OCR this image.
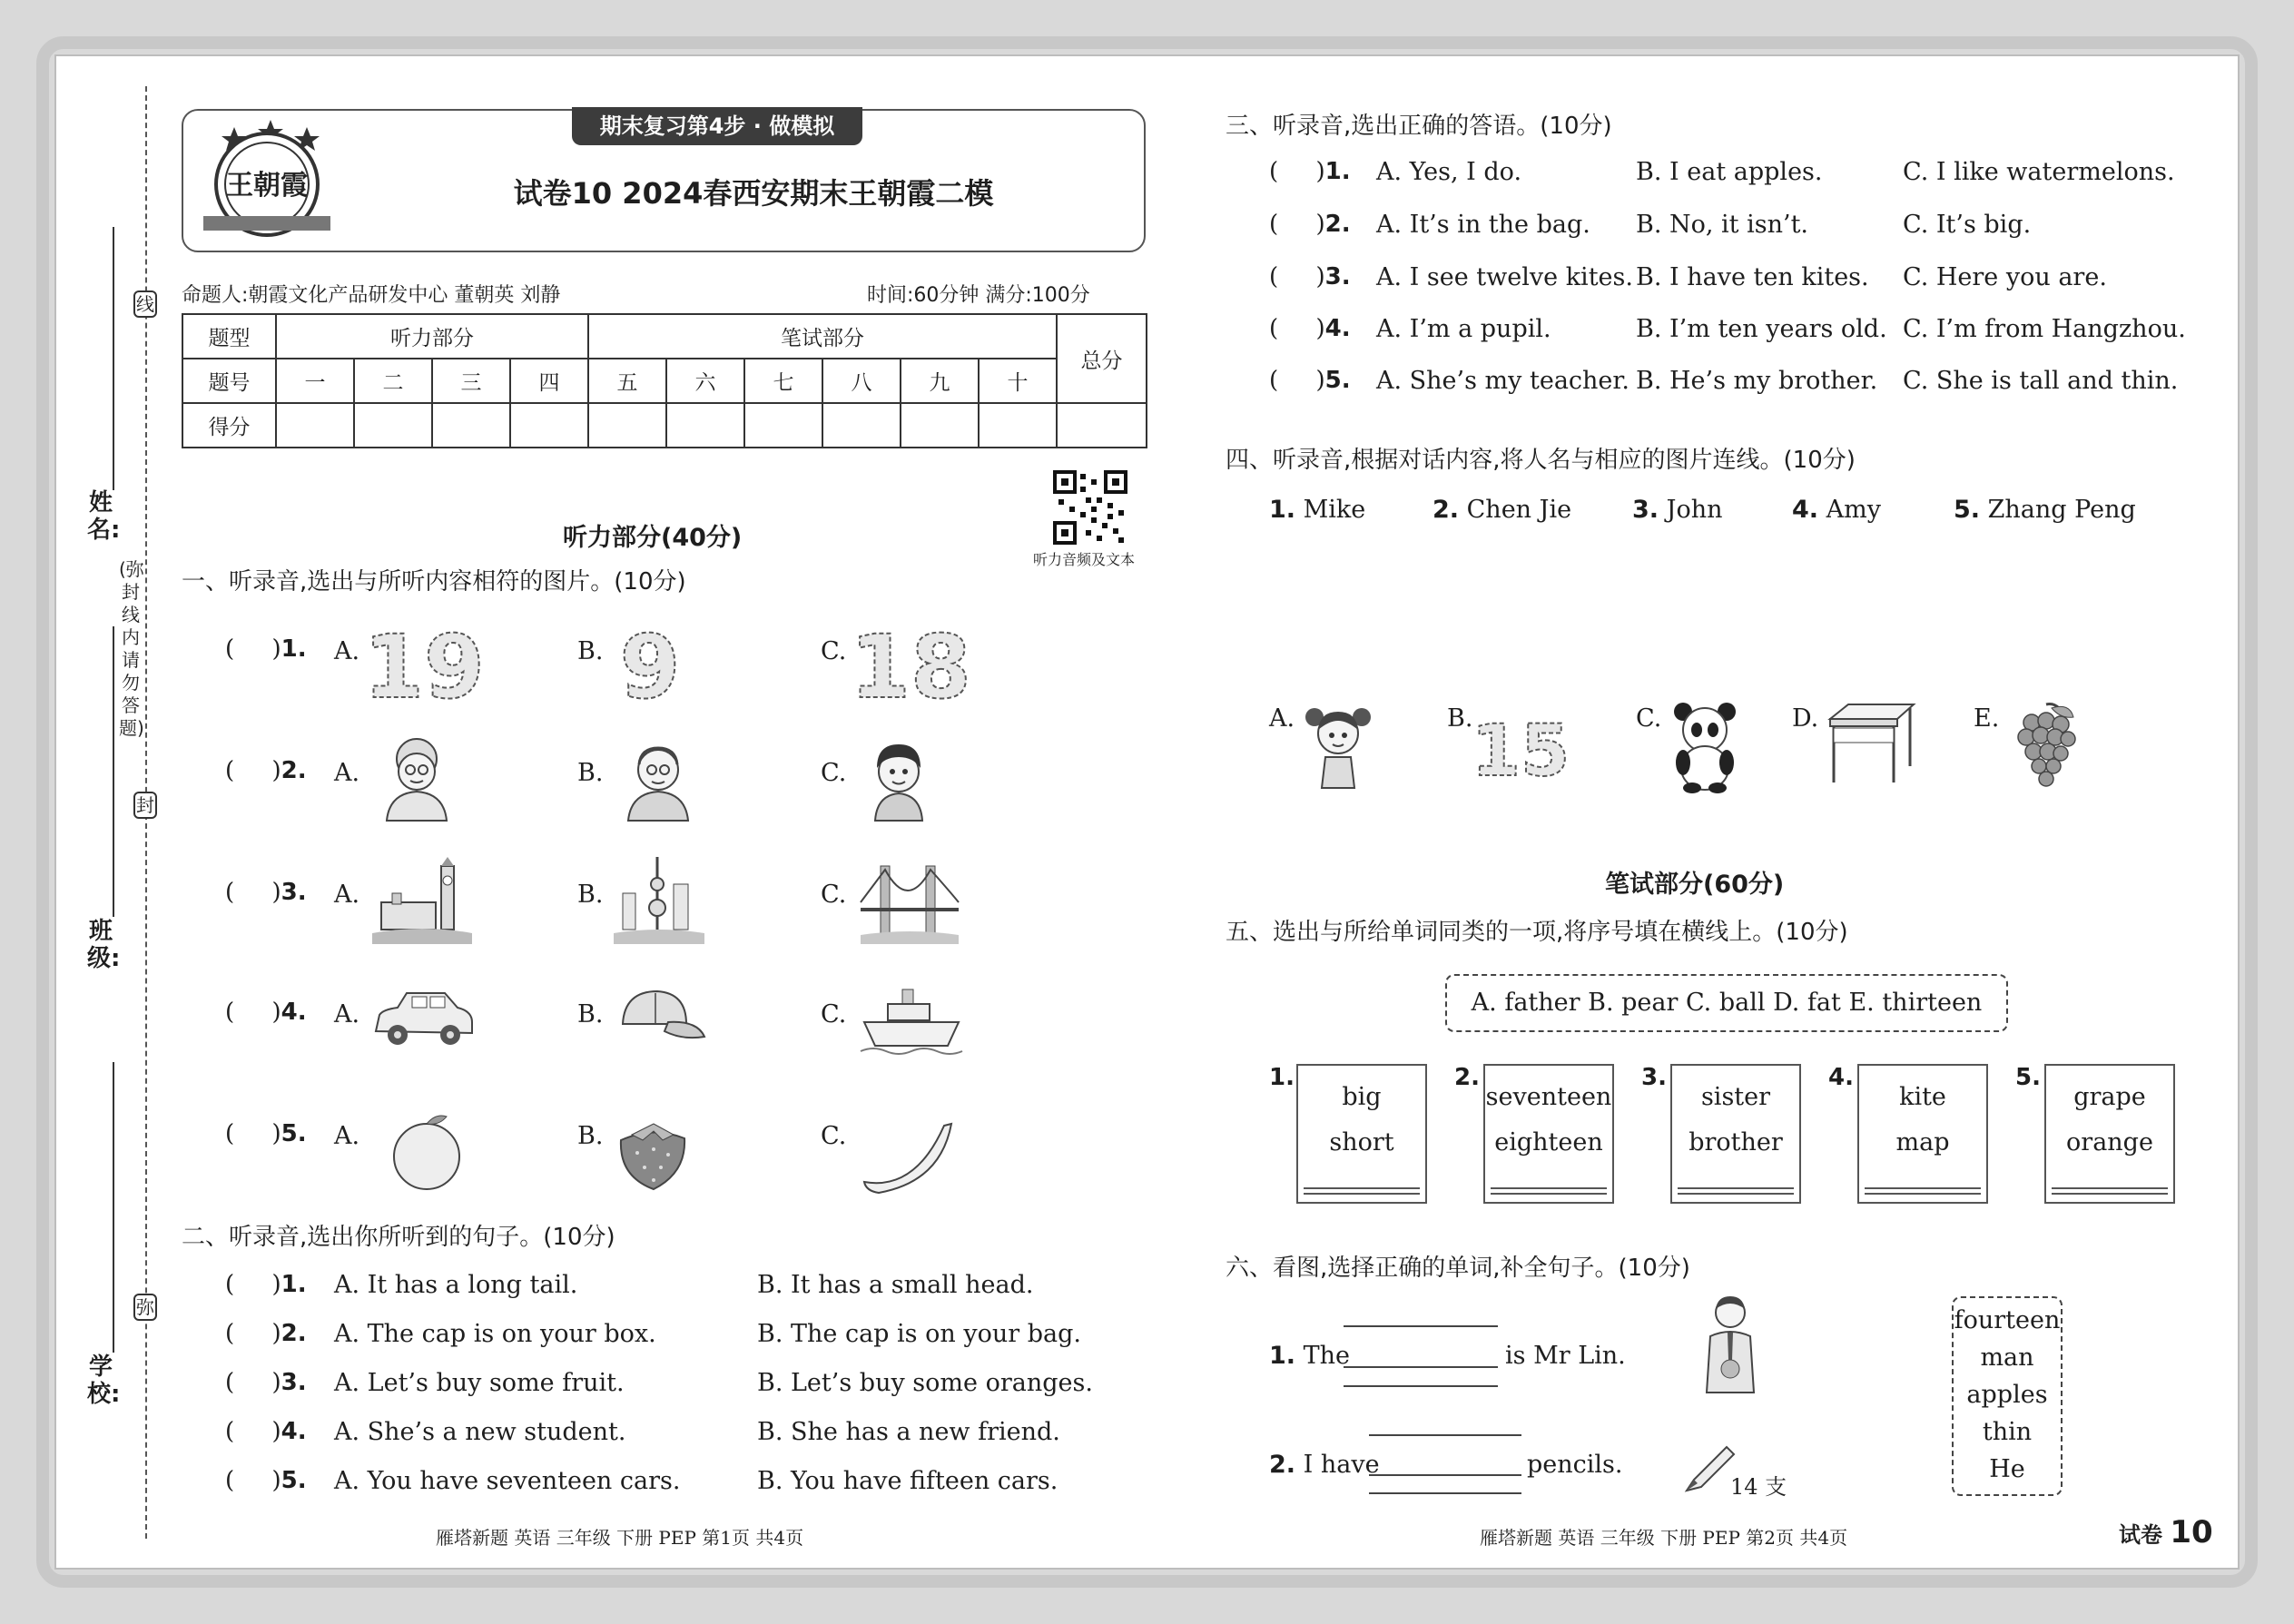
线
封
弥
(弥封线内请勿答题)
姓名:
班级:
学校:
王朝霞
期末复习第4步 · 做模拟
试卷10 2024春西安期末王朝霞二模
命题人:朝霞文化产品研发中心 董朝英 刘静	时间:60分钟 满分:100分
题型	听力部分				笔试部分						总分
题号	一	二	三	四	五	六	七	八	九	十	
得分											
听力音频及文本
听力部分(40分)
一、听录音,选出与所听内容相符的图片。(10分)
(     )1. A.	B.	C.
19 9 18
(     )2. A.	B.	C.
(     )3. A.	B.	C.
(     )4. A.	B.	C.
(     )5. A.	B.	C.
二、听录音,选出你所听到的句子。(10分)
(     )1. A. It has a long tail.	B. It has a small head.
(     )2. A. The cap is on your box.	B. The cap is on your bag.
(     )3. A. Let’s buy some fruit.	B. Let’s buy some oranges.
(     )4. A. She’s a new student.	B. She has a new friend.
(     )5. A. You have seventeen cars.	B. You have fifteen cars.
雁塔新题 英语 三年级 下册 PEP 第1页 共4页
三、听录音,选出正确的答语。(10分)
(     )1. A. Yes, I do.	B. I eat apples.	C. I like watermelons.
(     )2. A. It’s in the bag. B. No, it isn’t.	C. It’s big.
(     )3. A. I see twelve kites. B. I have ten kites. C. Here you are.
(     )4. A. I’m a pupil.	B. I’m ten years old. C. I’m from Hangzhou.
(     )5. A. She’s my teacher. B. He’s my brother. C. She is tall and thin.
四、听录音,根据对话内容,将人名与相应的图片连线。(10分)
1. Mike	2. Chen Jie 3. John	4. Amy	5. Zhang Peng
A.	B.	C.	D.	E.
15
笔试部分(60分)
五、选出与所给单词同类的一项,将序号填在横线上。(10分)
A. father B. pear C. ball D. fat E. thirteen
1.
big
short
2.
seventeen
eighteen
3.
sister
brother
4.
kite
map
5.
grape
orange
六、看图,选择正确的单词,补全句子。(10分)
1. The	is Mr Lin.
2. I have	pencils.
14 支
fourteen
man
apples
thin
He
雁塔新题 英语 三年级 下册 PEP 第2页 共4页	试卷 10
